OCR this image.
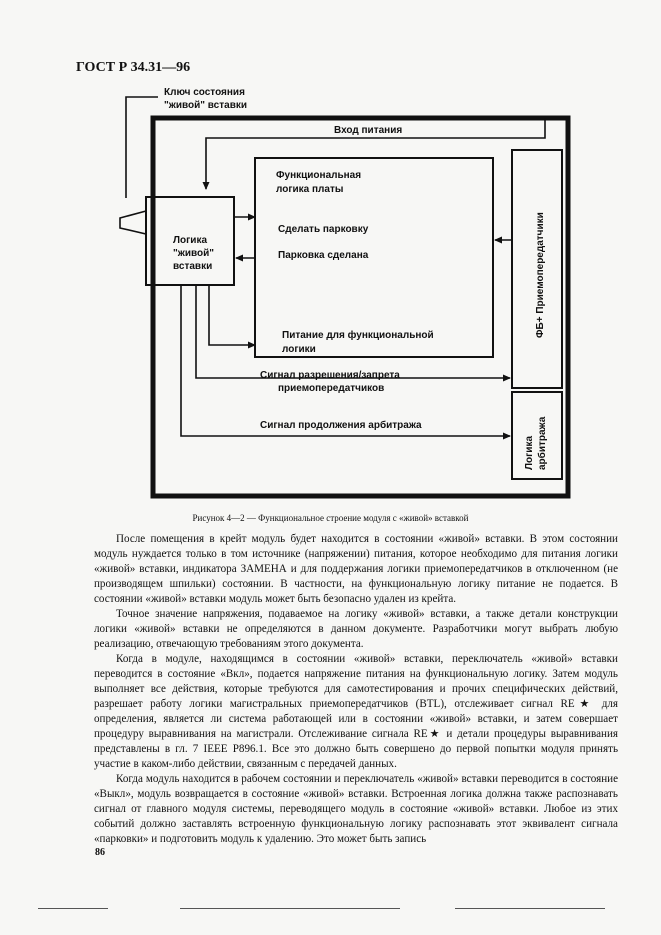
ГОСТ Р 34.31—96
Ключ состояния
"живой" вставки
Логика
"живой"
вставки
Функциональная
логика платы
ФБ+ Приемопередатчики
Логика арбитража
Вход питания
Сделать парковку
Парковка сделана
Питание для функциональной
логики
Сигнал разрешения/запрета
приемопередатчиков
Сигнал продолжения арбитража
Рисунок 4—2 — Функциональное строение модуля с «живой» вставкой

После помещения в крейт модуль будет находится в состоянии «живой» вставки. В этом состоянии модуль нуждается только в том источнике (напряжении) питания, которое необходимо для питания логики «живой» вставки, индикатора ЗАМЕНА и для поддержания логики приемопередатчиков в отключенном (не производящем шпильки) состоянии. В частности, на функциональную логику питание не подается. В состоянии «живой» вставки модуль может быть безопасно удален из крейта.

Точное значение напряжения, подаваемое на логику «живой» вставки, а также детали конструкции логики «живой» вставки не определяются в данном документе. Разработчики могут выбрать любую реализацию, отвечающую требованиям этого документа.

Когда в модуле, находящимся в состоянии «живой» вставки, переключатель «живой» вставки переводится в состояние «Вкл», подается напряжение питания на функциональную логику. Затем модуль выполняет все действия, которые требуются для самотестирования и прочих специфических действий, разрешает работу логики магистральных приемопередатчиков (BTL), отслеживает сигнал RE★ для определения, является ли система работающей или в состоянии «живой» вставки, и затем совершает процедуру выравнивания на магистрали. Отслеживание сигнала RE★ и детали процедуры выравнивания представлены в гл. 7 IEEE P896.1. Все это должно быть совершено до первой попытки модуля принять участие в каком-либо действии, связанным с передачей данных.

Когда модуль находится в рабочем состоянии и переключатель «живой» вставки переводится в состояние «Выкл», модуль возвращается в состояние «живой» вставки. Встроенная логика должна также распознавать сигнал от главного модуля системы, переводящего модуль в состояние «живой» вставки. Любое из этих событий должно заставлять встроенную функциональную логику распознавать этот эквивалент сигнала «парковки» и подготовить модуль к удалению. Это может быть запись

86
